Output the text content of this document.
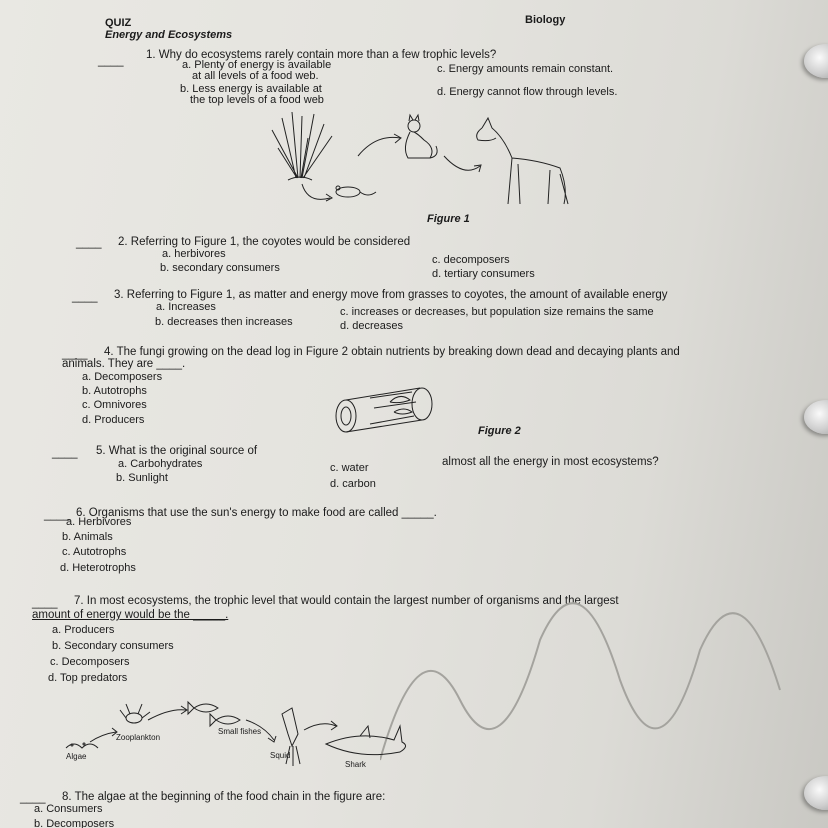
QUIZ	Biology
Energy and Ecosystems
____ 1. Why do ecosystems rarely contain more than a few trophic levels?
a. Plenty of energy is available
at all levels of a food web.
b. Less energy is available at
the top levels of a food web
c. Energy amounts remain constant.
d. Energy cannot flow through levels.
Figure 1
____ 2. Referring to Figure 1, the coyotes would be considered
a. herbivores
b. secondary consumers
c. decomposers
d. tertiary consumers
____ 3. Referring to Figure 1, as matter and energy move from grasses to coyotes, the amount of available energy
a. Increases
b. decreases then increases
c. increases or decreases, but population size remains the same
d. decreases
____ 4. The fungi growing on the dead log in Figure 2 obtain nutrients by breaking down dead and decaying plants and
animals. They are ____.
a. Decomposers
b. Autotrophs
c. Omnivores
d. Producers
Figure 2
____ 5. What is the original source of
almost all the energy in most ecosystems?
a. Carbohydrates
b. Sunlight
c. water
d. carbon
____ 6. Organisms that use the sun's energy to make food are called _____.
a. Herbivores
b. Animals
c. Autotrophs
d. Heterotrophs
____ 7. In most ecosystems, the trophic level that would contain the largest number of organisms and the largest
amount of energy would be the _____.
a. Producers
b. Secondary consumers
c. Decomposers
d. Top predators
Algae
Zooplankton
Small fishes
Squid
Shark
____ 8. The algae at the beginning of the food chain in the figure are:
a. Consumers
b. Decomposers
